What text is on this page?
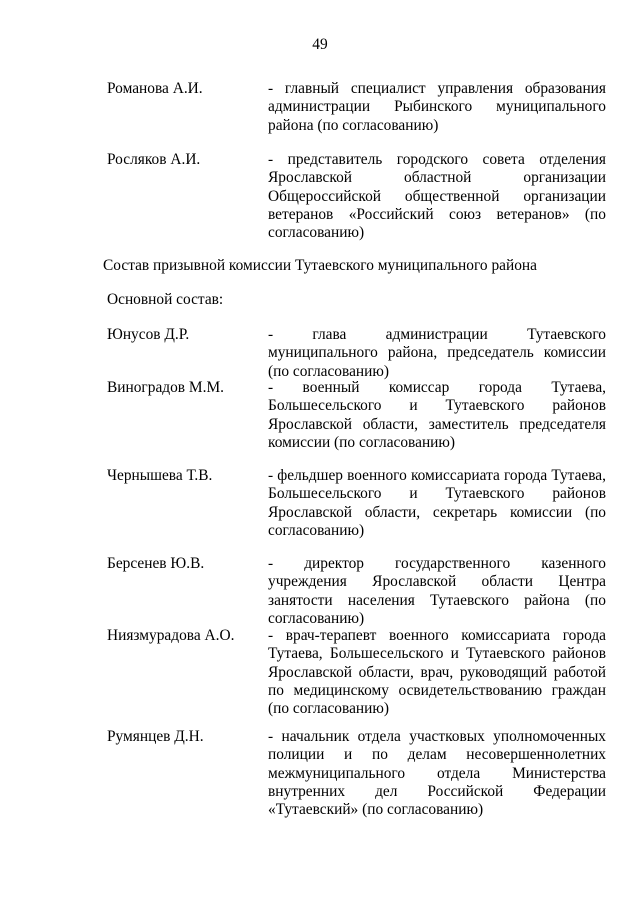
49
Романова А.И.	- главный специалист управления образования администрации Рыбинского муниципального района (по согласованию)
Росляков А.И.	- представитель городского совета отделения Ярославской областной организации Общероссийской общественной организации ветеранов «Российский союз ветеранов» (по согласованию)
Состав призывной комиссии Тутаевского муниципального района
Основной состав:
Юнусов Д.Р.	- глава администрации Тутаевского муниципального района, председатель комиссии (по согласованию)
Виноградов М.М.	- военный комиссар города Тутаева, Большесельского и Тутаевского районов Ярославской области, заместитель председателя комиссии (по согласованию)
Чернышева Т.В.	- фельдшер военного комиссариата города Тутаева, Большесельского и Тутаевского районов Ярославской области, секретарь комиссии (по согласованию)
Берсенев Ю.В.	- директор государственного казенного учреждения Ярославской области Центра занятости населения Тутаевского района (по согласованию)
Ниязмурадова А.О. - врач-терапевт военного комиссариата города Тутаева, Большесельского и Тутаевского районов Ярославской области, врач, руководящий работой по медицинскому освидетельствованию граждан (по согласованию)
Румянцев Д.Н.	- начальник отдела участковых уполномоченных полиции и по делам несовершеннолетних межмуниципального отдела Министерства внутренних дел Российской Федерации «Тутаевский» (по согласованию)
